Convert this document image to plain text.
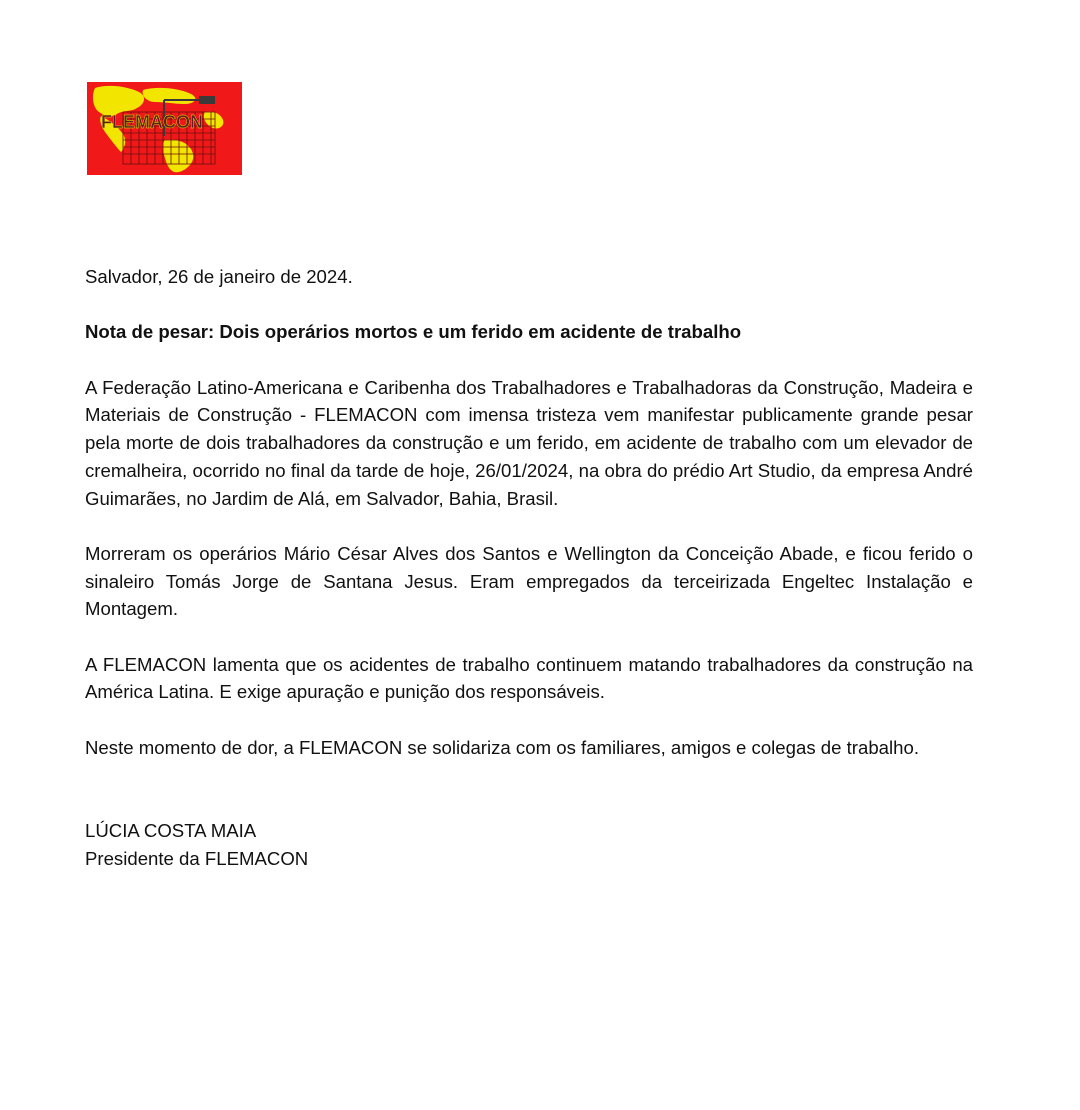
FLEMACON

Salvador, 26 de janeiro de 2024.

Nota de pesar: Dois operários mortos e um ferido em acidente de trabalho

A Federação Latino-Americana e Caribenha dos Trabalhadores e Trabalhadoras da Construção, Madeira e Materiais de Construção - FLEMACON com imensa tristeza vem manifestar publicamente grande pesar pela morte de dois trabalhadores da construção e um ferido, em acidente de trabalho com um elevador de cremalheira, ocorrido no final da tarde de hoje, 26/01/2024, na obra do prédio Art Studio, da empresa André Guimarães, no Jardim de Alá, em Salvador, Bahia, Brasil.

Morreram os operários Mário César Alves dos Santos e Wellington da Conceição Abade, e ficou ferido o sinaleiro Tomás Jorge de Santana Jesus. Eram empregados da terceirizada Engeltec Instalação e Montagem.

A FLEMACON lamenta que os acidentes de trabalho continuem matando trabalhadores da construção na América Latina. E exige apuração e punição dos responsáveis.

Neste momento de dor, a FLEMACON se solidariza com os familiares, amigos e colegas de trabalho.

LÚCIA COSTA MAIA

Presidente da FLEMACON
